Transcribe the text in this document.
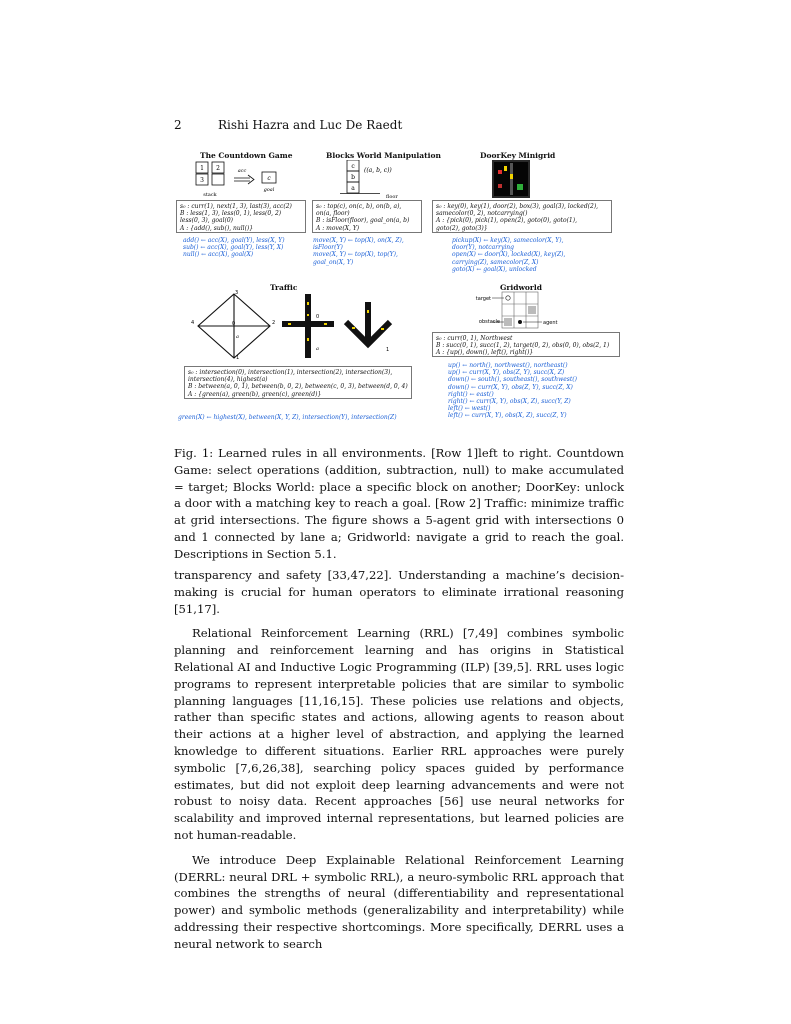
2	Rishi Hazra and Luc De Raedt
The Countdown Game
1 2
3
acc
c
stack
goal
s₀ : curr(1), next(1, 3), last(3), acc(2)
B : less(1, 3), less(0, 1), less(0, 2)
less(0, 3), goal(0)
A : {add(), sub(), null()}
add() ← acc(X), goal(Y), less(X, Y)
sub() ← acc(X), goal(Y), less(Y, X)
null() ← acc(X), goal(X)
Blocks World Manipulation
c
b
a
((a, b, c))
floor
s₀ : top(c), on(c, b), on(b, a),
on(a, floor)
B : isFloor(floor), goal_on(a, b)
A : move(X, Y)
move(X, Y) ← top(X), on(X, Z),
isFloor(Y)
move(X, Y) ← top(X), top(Y),
goal_on(X, Y)
DoorKey Minigrid
s₀ : key(0), key(1), door(2), box(3), goal(3), locked(2),
samecolor(0, 2), notcarrying()
A : {pick(0), pick(1), open(2), goto(0), goto(1),
goto(2), goto(3)}
pickup(X) ← key(X), samecolor(X, Y),
door(Y), notcarrying
open(X) ← door(X), locked(X), key(Z),
carrying(Z), samecolor(Z, X)
goto(X) ← goal(X), unlocked
Traffic
3
4	0	2
1
a
0
a	1
s₀ : intersection(0), intersection(1), intersection(2), intersection(3),
intersection(4), highest(a)
B : between(a, 0, 1), between(b, 0, 2), between(c, 0, 3), between(d, 0, 4)
A : {green(a), green(b), green(c), green(d)}
green(X) ← highest(X), between(X, Y, Z), intersection(Y), intersection(Z)
Gridworld
target
obstacle	agent
s₀ : curr(0, 1), Northwest
B : succ(0, 1), succ(1, 2), target(0, 2), obs(0, 0), obs(2, 1)
A : {up(), down(), left(), right()}
up() ← north(), northwest(), northeast()
up() ← curr(X, Y), obs(Z, Y), succ(X, Z)
down() ← south(), southeast(), southwest()
down() ← curr(X, Y), obs(Z, Y), succ(Z, X)
right() ← east()
right() ← curr(X, Y), obs(X, Z), succ(Y, Z)
left() ← west()
left() ← curr(X, Y), obs(X, Z), succ(Z, Y)
Fig. 1: Learned rules in all environments. [Row 1]left to right. Countdown Game: select operations (addition, subtraction, null) to make accumulated = target; Blocks World: place a specific block on another; DoorKey: unlock a door with a matching key to reach a goal. [Row 2] Traffic: minimize traffic at grid intersections. The figure shows a 5-agent grid with intersections 0 and 1 connected by lane a; Gridworld: navigate a grid to reach the goal. Descriptions in Section 5.1.

transparency and safety [33,47,22]. Understanding a machine’s decision-making is crucial for human operators to eliminate irrational reasoning [51,17].

Relational Reinforcement Learning (RRL) [7,49] combines symbolic planning and reinforcement learning and has origins in Statistical Relational AI and Inductive Logic Programming (ILP) [39,5]. RRL uses logic programs to represent interpretable policies that are similar to symbolic planning languages [11,16,15]. These policies use relations and objects, rather than specific states and actions, allowing agents to reason about their actions at a higher level of abstraction, and applying the learned knowledge to different situations. Earlier RRL approaches were purely symbolic [7,6,26,38], searching policy spaces guided by performance estimates, but did not exploit deep learning advancements and were not robust to noisy data. Recent approaches [56] use neural networks for scalability and improved internal representations, but learned policies are not human-readable.

We introduce Deep Explainable Relational Reinforcement Learning (DERRL: neural DRL + symbolic RRL), a neuro-symbolic RRL approach that combines the strengths of neural (differentiability and representational power) and symbolic methods (generalizability and interpretability) while addressing their respective shortcomings. More specifically, DERRL uses a neural network to search
